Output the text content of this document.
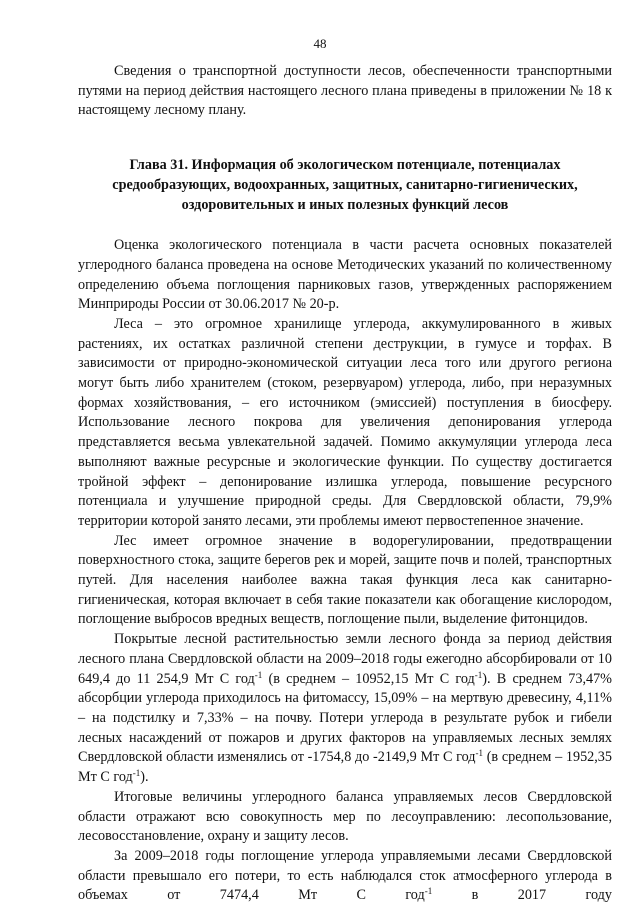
48

Сведения о транспортной доступности лесов, обеспеченности транспортными путями на период действия настоящего лесного плана приведены в приложении № 18 к настоящему лесному плану.

Глава 31. Информация об экологическом потенциале, потенциалах средообразующих, водоохранных, защитных, санитарно-гигиенических, оздоровительных и иных полезных функций лесов

Оценка экологического потенциала в части расчета основных показателей углеродного баланса проведена на основе Методических указаний по количественному определению объема поглощения парниковых газов, утвержденных распоряжением Минприроды России от 30.06.2017 № 20-р.

Леса – это огромное хранилище углерода, аккумулированного в живых растениях, их остатках различной степени деструкции, в гумусе и торфах. В зависимости от природно-экономической ситуации леса того или другого региона могут быть либо хранителем (стоком, резервуаром) углерода, либо, при неразумных формах хозяйствования, – его источником (эмиссией) поступления в биосферу. Использование лесного покрова для увеличения депонирования углерода представляется весьма увлекательной задачей. Помимо аккумуляции углерода леса выполняют важные ресурсные и экологические функции. По существу достигается тройной эффект – депонирование излишка углерода, повышение ресурсного потенциала и улучшение природной среды. Для Свердловской области, 79,9% территории которой занято лесами, эти проблемы имеют первостепенное значение.

Лес имеет огромное значение в водорегулировании, предотвращении поверхностного стока, защите берегов рек и морей, защите почв и полей, транспортных путей. Для населения наиболее важна такая функция леса как санитарно-гигиеническая, которая включает в себя такие показатели как обогащение кислородом, поглощение выбросов вредных веществ, поглощение пыли, выделение фитонцидов.

Покрытые лесной растительностью земли лесного фонда за период действия лесного плана Свердловской области на 2009–2018 годы ежегодно абсорбировали от 10 649,4 до 11 254,9 Мт С год$^{-1}$ (в среднем – 10952,15 Мт С год$^{-1}$). В среднем 73,47% абсорбции углерода приходилось на фитомассу, 15,09% – на мертвую древесину, 4,11% – на подстилку и 7,33% – на почву. Потери углерода в результате рубок и гибели лесных насаждений от пожаров и других факторов на управляемых лесных землях Свердловской области изменялись от -1754,8 до -2149,9 Мт С год$^{-1}$ (в среднем – 1952,35 Мт С год$^{-1}$).

Итоговые величины углеродного баланса управляемых лесов Свердловской области отражают всю совокупность мер по лесоуправлению: лесопользование, лесовосстановление, охрану и защиту лесов.

За 2009–2018 годы поглощение углерода управляемыми лесами Свердловской области превышало его потери, то есть наблюдался сток атмосферного углерода в объемах от 7474,4 Мт С год$^{-1}$ в 2017 году
